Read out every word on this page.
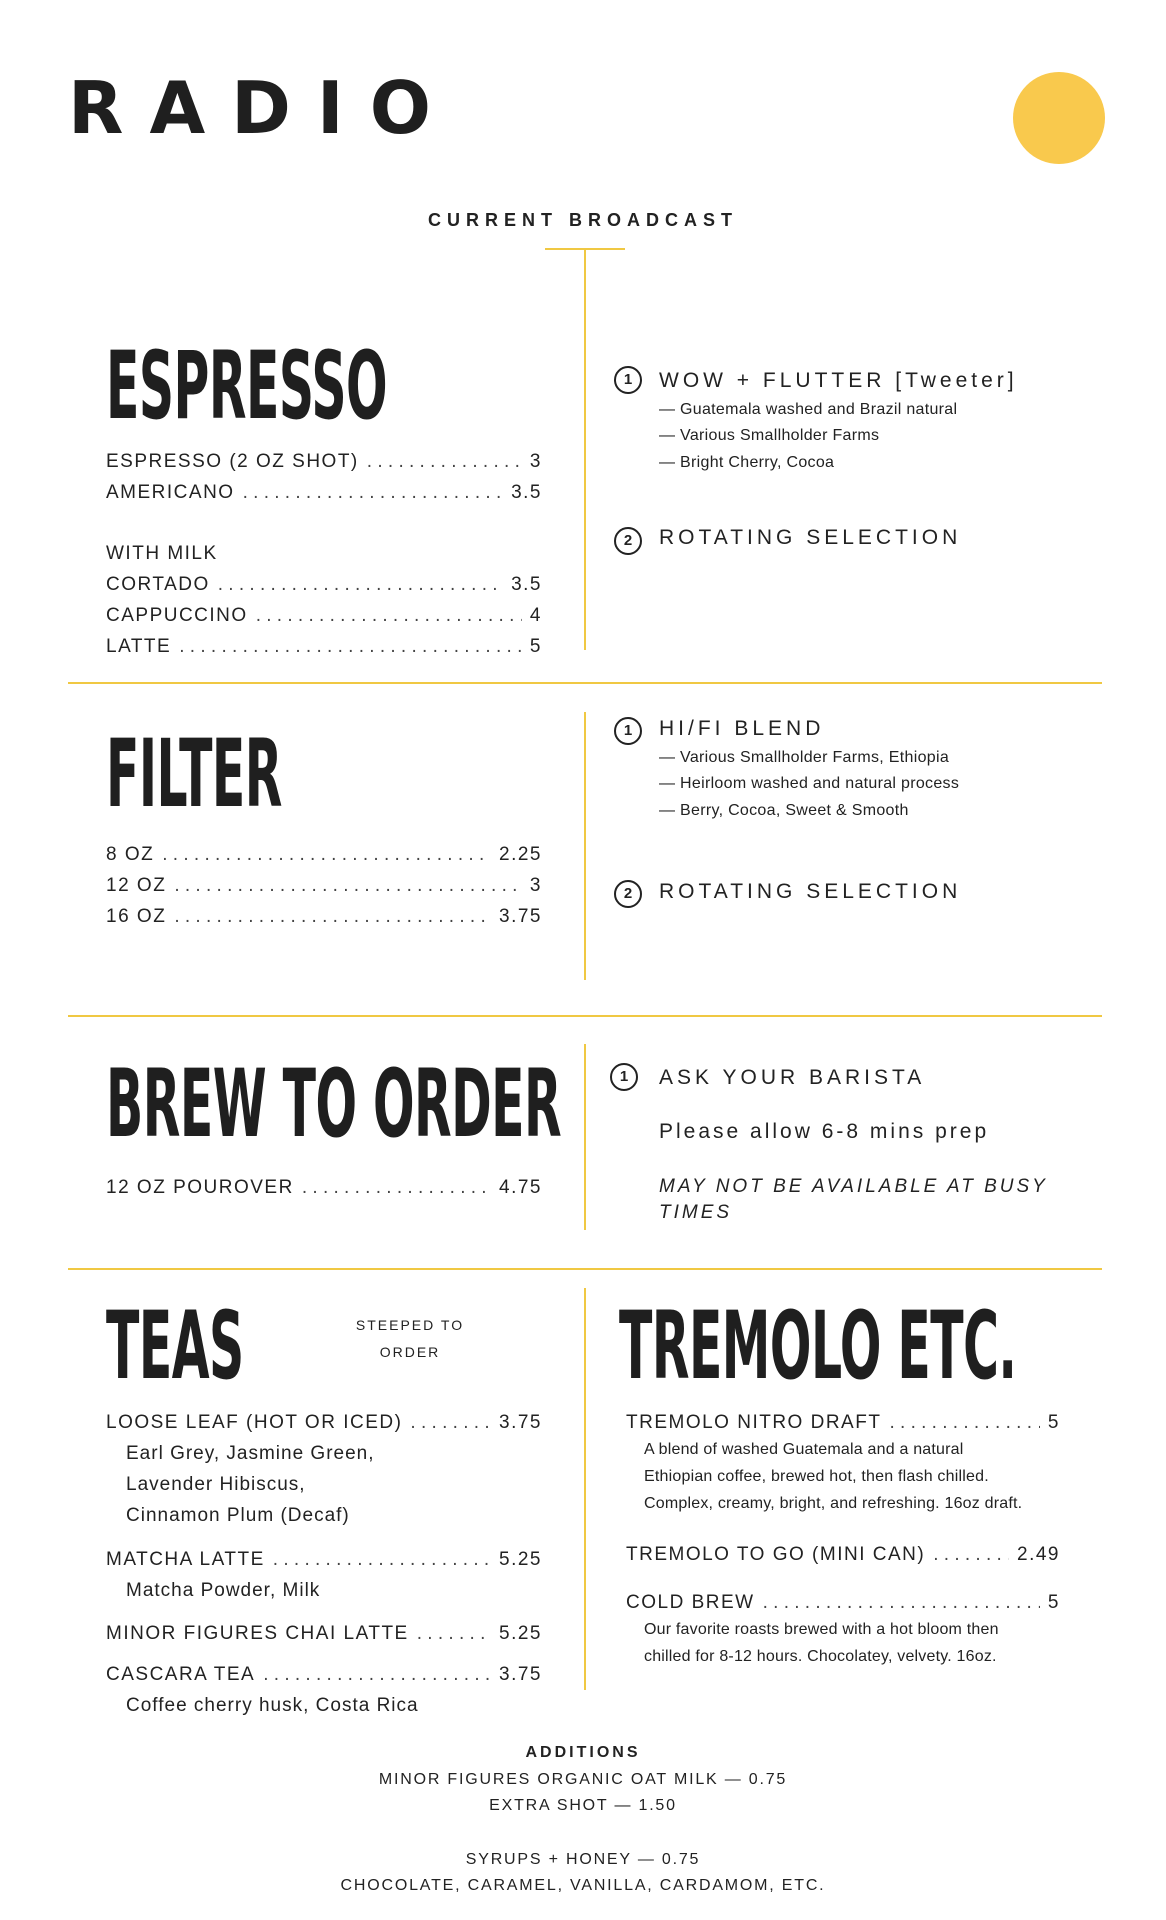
RADIO
CURRENT BROADCAST
ESPRESSO
ESPRESSO (2 OZ SHOT) . . .	3
AMERICANO . . .	3.5
WITH MILK
CORTADO . . .	3.5
CAPPUCCINO . . .	4
LATTE . . .	5
1	WOW + FLUTTER [Tweeter]
— Guatemala washed and Brazil natural
— Various Smallholder Farms
— Bright Cherry, Cocoa
2	ROTATING SELECTION
FILTER
8 OZ . . .	2.25
12 OZ . . .	3
16 OZ . . .	3.75
1	HI/FI BLEND
— Various Smallholder Farms, Ethiopia
— Heirloom washed and natural process
— Berry, Cocoa, Sweet & Smooth
2	ROTATING SELECTION
BREW TO ORDER
12 OZ POUROVER . . .	4.75
1	ASK YOUR BARISTA
Please allow 6-8 mins prep
MAY NOT BE AVAILABLE AT BUSY
TIMES
TEAS	STEEPED TO
ORDER
LOOSE LEAF (HOT OR ICED) . . .	3.75
Earl Grey, Jasmine Green,
Lavender Hibiscus,
Cinnamon Plum (Decaf)
MATCHA LATTE . . .	5.25
Matcha Powder, Milk
MINOR FIGURES CHAI LATTE . . .	5.25
CASCARA TEA . . .	3.75
Coffee cherry husk, Costa Rica
TREMOLO ETC.
TREMOLO NITRO DRAFT . . .	5
A blend of washed Guatemala and a natural
Ethiopian coffee, brewed hot, then flash chilled.
Complex, creamy, bright, and refreshing. 16oz draft.
TREMOLO TO GO (MINI CAN) . . .	2.49
COLD BREW . . .	5
Our favorite roasts brewed with a hot bloom then
chilled for 8-12 hours. Chocolatey, velvety. 16oz.
ADDITIONS
MINOR FIGURES ORGANIC OAT MILK — 0.75
EXTRA SHOT — 1.50
SYRUPS + HONEY — 0.75
CHOCOLATE, CARAMEL, VANILLA, CARDAMOM, ETC.
